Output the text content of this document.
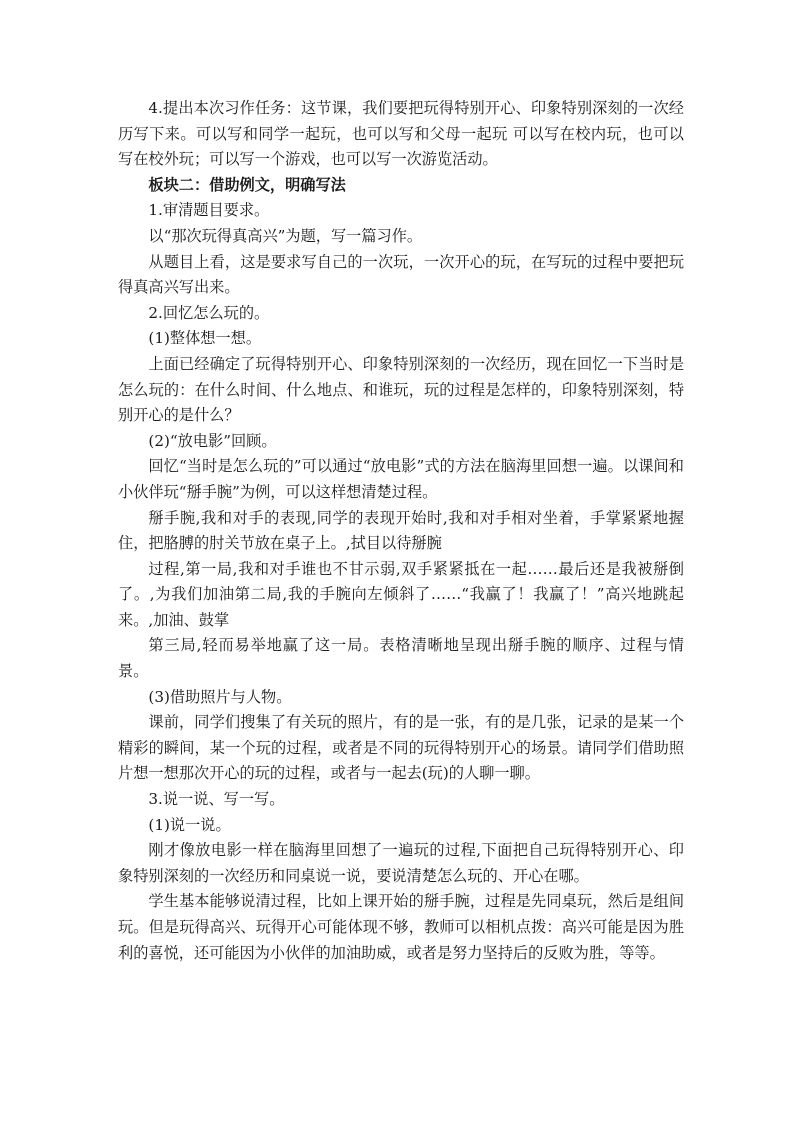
4.提出本次习作任务：这节课，我们要把玩得特别开心、印象特别深刻的一次经历写下来。可以写和同学一起玩，也可以写和父母一起玩 可以写在校内玩，也可以写在校外玩；可以写一个游戏，也可以写一次游览活动。

板块二：借助例文，明确写法

1.审清题目要求。

以“那次玩得真高兴”为题，写一篇习作。

从题目上看，这是要求写自己的一次玩，一次开心的玩，在写玩的过程中要把玩得真高兴写出来。

2.回忆怎么玩的。

(1)整体想一想。

上面已经确定了玩得特别开心、印象特别深刻的一次经历，现在回忆一下当时是怎么玩的：在什么时间、什么地点、和谁玩，玩的过程是怎样的，印象特别深刻，特别开心的是什么？

(2)“放电影”回顾。

回忆“当时是怎么玩的”可以通过“放电影”式的方法在脑海里回想一遍。以课间和小伙伴玩“掰手腕”为例，可以这样想清楚过程。

掰手腕,我和对手的表现,同学的表现开始时,我和对手相对坐着，手掌紧紧地握住，把胳膊的肘关节放在桌子上。,拭目以待掰腕

过程,第一局,我和对手谁也不甘示弱,双手紧紧抵在一起……最后还是我被掰倒了。,为我们加油第二局,我的手腕向左倾斜了……“我赢了！我赢了！”高兴地跳起来。,加油、鼓掌

第三局,轻而易举地赢了这一局。表格清晰地呈现出掰手腕的顺序、过程与情景。

(3)借助照片与人物。

课前，同学们搜集了有关玩的照片，有的是一张，有的是几张，记录的是某一个精彩的瞬间，某一个玩的过程，或者是不同的玩得特别开心的场景。请同学们借助照片想一想那次开心的玩的过程，或者与一起去(玩)的人聊一聊。

3.说一说、写一写。

(1)说一说。

刚才像放电影一样在脑海里回想了一遍玩的过程,下面把自己玩得特别开心、印象特别深刻的一次经历和同桌说一说，要说清楚怎么玩的、开心在哪。

学生基本能够说清过程，比如上课开始的掰手腕，过程是先同桌玩，然后是组间玩。但是玩得高兴、玩得开心可能体现不够，教师可以相机点拨：高兴可能是因为胜利的喜悦，还可能因为小伙伴的加油助威，或者是努力坚持后的反败为胜，等等。
